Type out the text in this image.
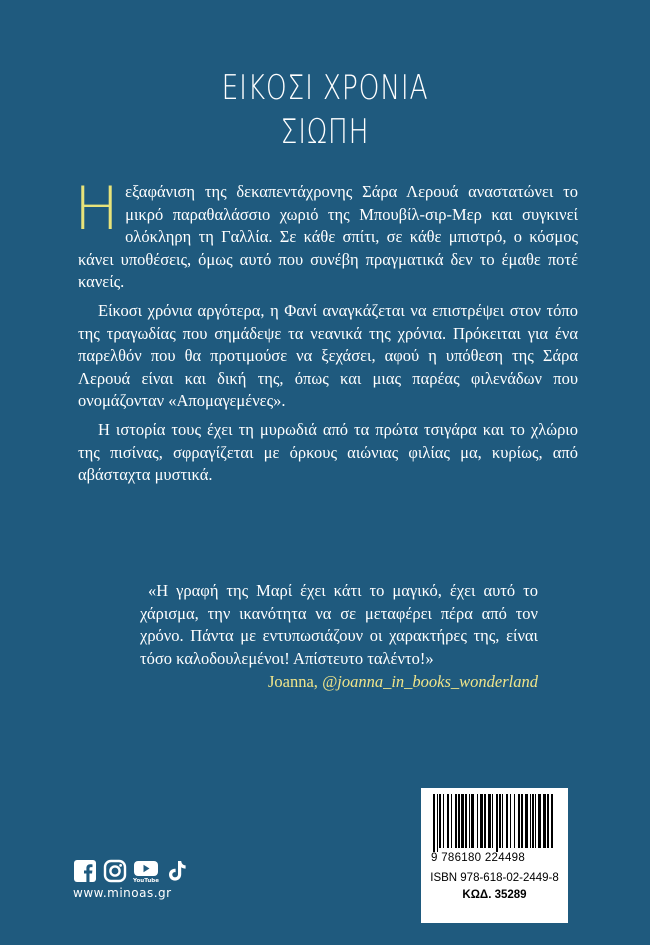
ΕΙΚΟΣΙ ΧΡΟΝΙΑ
ΣΙΩΠΗ

Ηεξαφάνιση της δεκαπεντάχρονης Σάρα Λερουά αναστατώνει το μικρό παραθαλάσσιο χωριό της Μπουβίλ-σιρ-Μερ και συγκινεί ολόκληρη τη Γαλλία. Σε κάθε σπίτι, σε κάθε μπιστρό, ο κόσμος κάνει υποθέσεις, όμως αυτό που συνέβη πραγματικά δεν το έμαθε ποτέ κανείς.

Είκοσι χρόνια αργότερα, η Φανί αναγκάζεται να επιστρέψει στον τόπο της τραγωδίας που σημάδεψε τα νεανικά της χρόνια. Πρόκειται για ένα παρελθόν που θα προτιμούσε να ξεχάσει, αφού η υπόθεση της Σάρα Λερουά είναι και δική της, όπως και μιας παρέας φιλενάδων που ονομάζονταν «Απομαγεμένες».

Η ιστορία τους έχει τη μυρωδιά από τα πρώτα τσιγάρα και το χλώριο της πισίνας, σφραγίζεται με όρκους αιώνιας φιλίας μα, κυρίως, από αβάσταχτα μυστικά.

«Η γραφή της Μαρί έχει κάτι το μαγικό, έχει αυτό το χάρισμα, την ικανότητα να σε μεταφέρει πέρα από τον χρόνο. Πάντα με εντυπωσιάζουν οι χαρακτήρες της, είναι τόσο καλοδουλεμένοι! Απίστευτο ταλέντο!»

Joanna, @joanna_in_books_wonderland
9 786180 224498
ISBN 978-618-02-2449-8
ΚΩΔ. 35289
YouTube
www.minoas.gr
